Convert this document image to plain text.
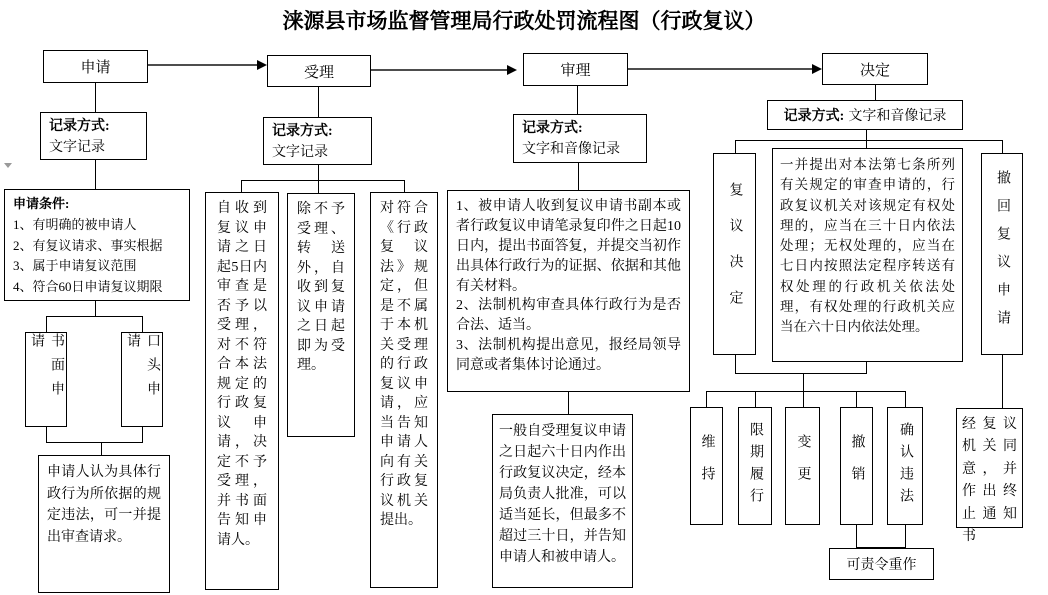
涞源县市场监督管理局行政处罚流程图（行政复议）
申请	受理	审理	决定
记录方式:
文字记录
记录方式:
文字记录
记录方式:
文字和音像记录
记录方式: 文字和音像记录
申请条件:
1、有明确的被申请人
2、有复议请求、事实根据
3、属于申请复议范围
4、符合60日申请复议期限
书面申请	口头申请
申请人认为具体行政行为所依据的规定违法，可一并提出审查请求。
自收到复议申请之日起5日内审查是否予以受理，对不符合本法规定的行政复议申请，决定不予受理，并书面告知申请人。
除不予受理、转送外，自收到复议申请之日起即为受理。
对符合《行政复议法》规定，但是不属于本机关受理的行政复议申请，应当告知申请人向有关行政复议机关提出。
1、被申请人收到复议申请书副本或者行政复议申请笔录复印件之日起10日内，提出书面答复，并提交当初作出具体行政行为的证据、依据和其他有关材料。
2、法制机构审查具体行政行为是否合法、适当。
3、法制机构提出意见，报经局领导同意或者集体讨论通过。
一般自受理复议申请之日起六十日内作出行政复议决定，经本局负责人批准，可以适当延长，但最多不超过三十日，并告知申请人和被申请人。
复议决定
一并提出对本法第七条所列有关规定的审查申请的，行政复议机关对该规定有权处理的，应当在三十日内依法处理；无权处理的，应当在七日内按照法定程序转送有权处理的行政机关依法处理，有权处理的行政机关应当在六十日内依法处理。	撤回复议申请
维持	限期履行	变更	撤销	确认违法
可责令重作
经复议机关同意，并作出终止通知书
